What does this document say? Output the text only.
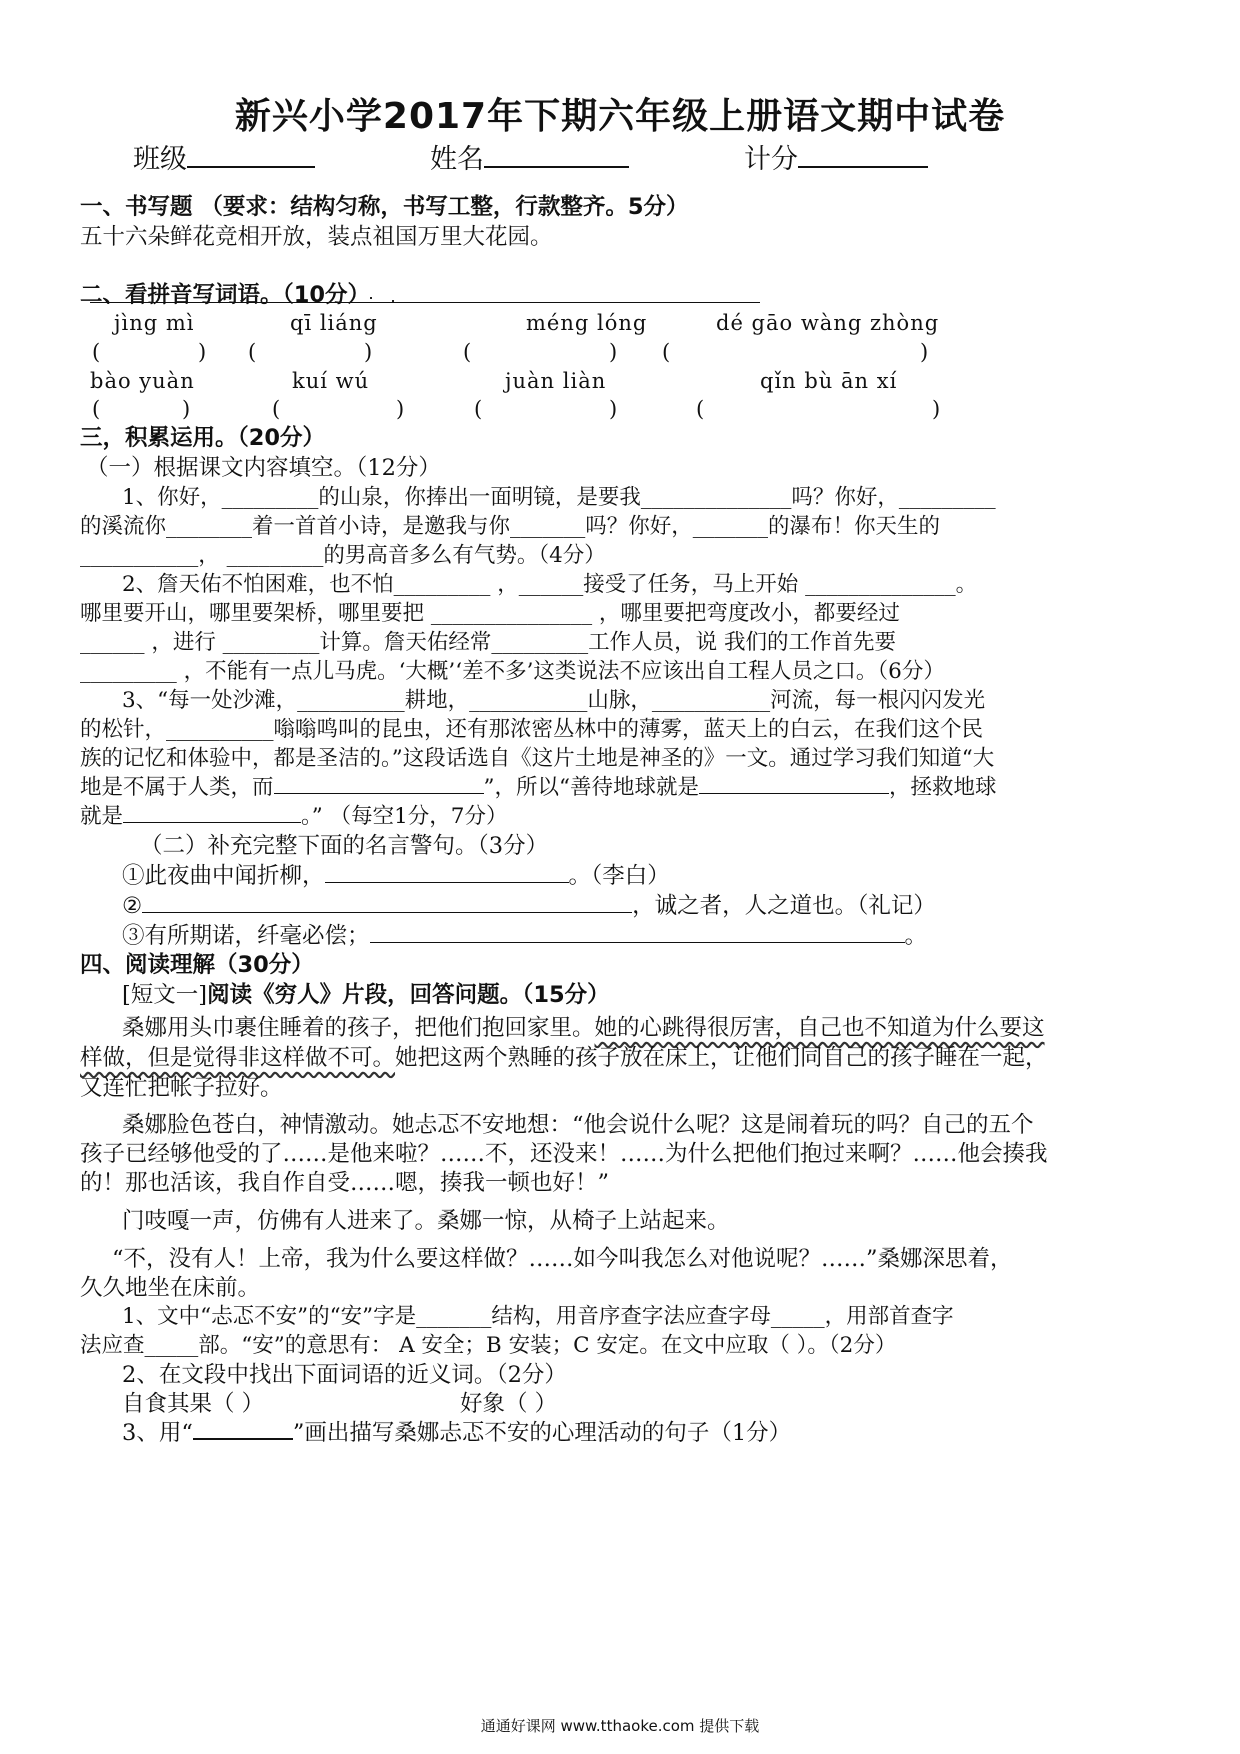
新兴小学2017年下期六年级上册语文期中试卷
班级	姓名	计分
一、书写题 （要求：结构匀称，书写工整，行款整齐。5分）
五十六朵鲜花竞相开放，装点祖国万里大花园。
二、看拼音写词语。（10分）
jìng mì	qī liáng	méng lóng	dé gāo wàng zhòng
(	) (	)	(	) (	)
bào yuàn	kuí wú	juàn liàn	qǐn bù ān xí
(	)	(	)	(	)	(	)
三，积累运用。（20分）
（一）根据课文内容填空。（12分）
1、你好，_________的山泉，你捧出一面明镜，是要我______________吗？你好，_________
的溪流你________着一首首小诗，是邀我与你_______吗？你好，_______的瀑布！你天生的
___________， _________的男高音多么有气势。（4分）
2、詹天佑不怕困难，也不怕_________ ，______接受了任务，马上开始 ______________。
哪里要开山，哪里要架桥，哪里要把 _______________ ，哪里要把弯度改小，都要经过
______ ，进行 _________计算。詹天佑经常_________工作人员，说 我们的工作首先要
_________ ，不能有一点儿马虎。‘大概’‘差不多’这类说法不应该出自工程人员之口。（6分）
3、“每一处沙滩，__________耕地，___________山脉，___________河流，每一根闪闪发光
的松针，__________嗡嗡鸣叫的昆虫，还有那浓密丛林中的薄雾，蓝天上的白云，在我们这个民
族的记忆和体验中，都是圣洁的。”这段话选自《这片土地是神圣的》一文。通过学习我们知道“大
地是不属于人类，而	”，所以“善待地球就是	，拯救地球
就是	。” （每空1分，7分）
（二）补充完整下面的名言警句。（3分）
①此夜曲中闻折柳，	。（李白）
②	，诚之者，人之道也。（礼记）
③有所期诺，纤毫必偿；	。
四、阅读理解（30分）
[短文一]阅读《穷人》片段，回答问题。（15分）
桑娜用头巾裹住睡着的孩子，把他们抱回家里。她的心跳得很厉害，自己也不知道为什么要这
样做，但是觉得非这样做不可。她把这两个熟睡的孩子放在床上，让他们同自己的孩子睡在一起，
又连忙把帐子拉好。
桑娜脸色苍白，神情激动。她忐忑不安地想：“他会说什么呢？这是闹着玩的吗？自己的五个
孩子已经够他受的了……是他来啦？……不，还没来！……为什么把他们抱过来啊？……他会揍我
的！那也活该，我自作自受……嗯，揍我一顿也好！”
门吱嘎一声，仿佛有人进来了。桑娜一惊，从椅子上站起来。
“不，没有人！上帝，我为什么要这样做？……如今叫我怎么对他说呢？……”桑娜深思着，
久久地坐在床前。
1、文中“忐忑不安”的“安”字是_______结构，用音序查字法应查字母_____，用部首查字
法应查_____部。“安”的意思有： A 安全；B 安装；C 安定。在文中应取（ ）。（2分）
2、在文段中找出下面词语的近义词。（2分）
自食其果（ ）	好象（ ）
3、用“	”画出描写桑娜忐忑不安的心理活动的句子（1分）
通通好课网 www.tthaoke.com 提供下载
